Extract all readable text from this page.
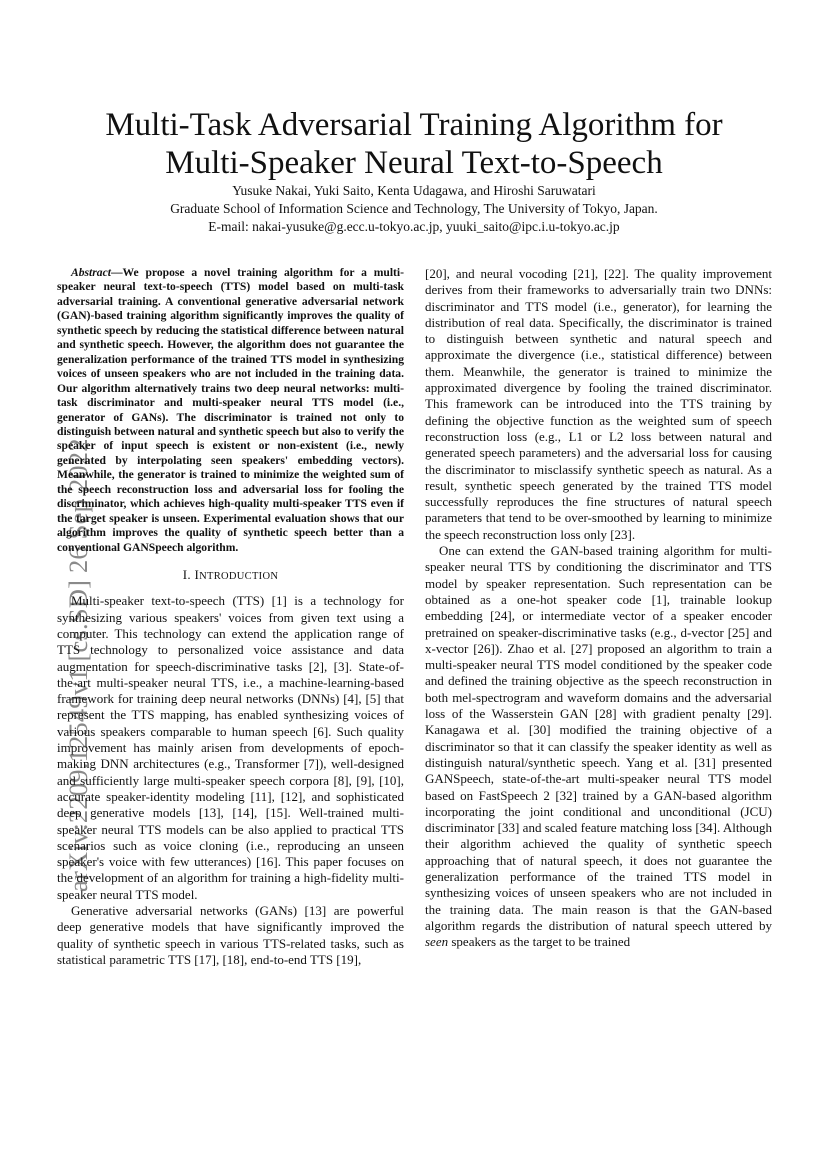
arXiv:2209.12549v1 [cs.SD] 26 Sep 2022
Multi-Task Adversarial Training Algorithm for
Multi-Speaker Neural Text-to-Speech
Yusuke Nakai, Yuki Saito, Kenta Udagawa, and Hiroshi Saruwatari
Graduate School of Information Science and Technology, The University of Tokyo, Japan.
E-mail: nakai-yusuke@g.ecc.u-tokyo.ac.jp, yuuki_saito@ipc.i.u-tokyo.ac.jp

Abstract—We propose a novel training algorithm for a multi-speaker neural text-to-speech (TTS) model based on multi-task adversarial training. A conventional generative adversarial network (GAN)-based training algorithm significantly improves the quality of synthetic speech by reducing the statistical difference between natural and synthetic speech. However, the algorithm does not guarantee the generalization performance of the trained TTS model in synthesizing voices of unseen speakers who are not included in the training data. Our algorithm alternatively trains two deep neural networks: multi-task discriminator and multi-speaker neural TTS model (i.e., generator of GANs). The discriminator is trained not only to distinguish between natural and synthetic speech but also to verify the speaker of input speech is existent or non-existent (i.e., newly generated by interpolating seen speakers' embedding vectors). Meanwhile, the generator is trained to minimize the weighted sum of the speech reconstruction loss and adversarial loss for fooling the discriminator, which achieves high-quality multi-speaker TTS even if the target speaker is unseen. Experimental evaluation shows that our algorithm improves the quality of synthetic speech better than a conventional GANSpeech algorithm.

I. INTRODUCTION

Multi-speaker text-to-speech (TTS) [1] is a technology for synthesizing various speakers' voices from given text using a computer. This technology can extend the application range of TTS technology to personalized voice assistance and data augmentation for speech-discriminative tasks [2], [3]. State-of-the-art multi-speaker neural TTS, i.e., a machine-learning-based framework for training deep neural networks (DNNs) [4], [5] that represent the TTS mapping, has enabled synthesizing voices of various speakers comparable to human speech [6]. Such quality improvement has mainly arisen from developments of epoch-making DNN architectures (e.g., Transformer [7]), well-designed and sufficiently large multi-speaker speech corpora [8], [9], [10], accurate speaker-identity modeling [11], [12], and sophisticated deep generative models [13], [14], [15]. Well-trained multi-speaker neural TTS models can be also applied to practical TTS scenarios such as voice cloning (i.e., reproducing an unseen speaker's voice with few utterances) [16]. This paper focuses on the development of an algorithm for training a high-fidelity multi-speaker neural TTS model.

Generative adversarial networks (GANs) [13] are powerful deep generative models that have significantly improved the quality of synthetic speech in various TTS-related tasks, such as statistical parametric TTS [17], [18], end-to-end TTS [19],

[20], and neural vocoding [21], [22]. The quality improvement derives from their frameworks to adversarially train two DNNs: discriminator and TTS model (i.e., generator), for learning the distribution of real data. Specifically, the discriminator is trained to distinguish between synthetic and natural speech and approximate the divergence (i.e., statistical difference) between them. Meanwhile, the generator is trained to minimize the approximated divergence by fooling the trained discriminator. This framework can be introduced into the TTS training by defining the objective function as the weighted sum of speech reconstruction loss (e.g., L1 or L2 loss between natural and generated speech parameters) and the adversarial loss for causing the discriminator to misclassify synthetic speech as natural. As a result, synthetic speech generated by the trained TTS model successfully reproduces the fine structures of natural speech parameters that tend to be over-smoothed by learning to minimize the speech reconstruction loss only [23].

One can extend the GAN-based training algorithm for multi-speaker neural TTS by conditioning the discriminator and TTS model by speaker representation. Such representation can be obtained as a one-hot speaker code [1], trainable lookup embedding [24], or intermediate vector of a speaker encoder pretrained on speaker-discriminative tasks (e.g., d-vector [25] and x-vector [26]). Zhao et al. [27] proposed an algorithm to train a multi-speaker neural TTS model conditioned by the speaker code and defined the training objective as the speech reconstruction in both mel-spectrogram and waveform domains and the adversarial loss of the Wasserstein GAN [28] with gradient penalty [29]. Kanagawa et al. [30] modified the training objective of a discriminator so that it can classify the speaker identity as well as distinguish natural/synthetic speech. Yang et al. [31] presented GANSpeech, state-of-the-art multi-speaker neural TTS model based on FastSpeech 2 [32] trained by a GAN-based algorithm incorporating the joint conditional and unconditional (JCU) discriminator [33] and scaled feature matching loss [34]. Although their algorithm achieved the quality of synthetic speech approaching that of natural speech, it does not guarantee the generalization performance of the trained TTS model in synthesizing voices of unseen speakers who are not included in the training data. The main reason is that the GAN-based algorithm regards the distribution of natural speech uttered by seen speakers as the target to be trained
